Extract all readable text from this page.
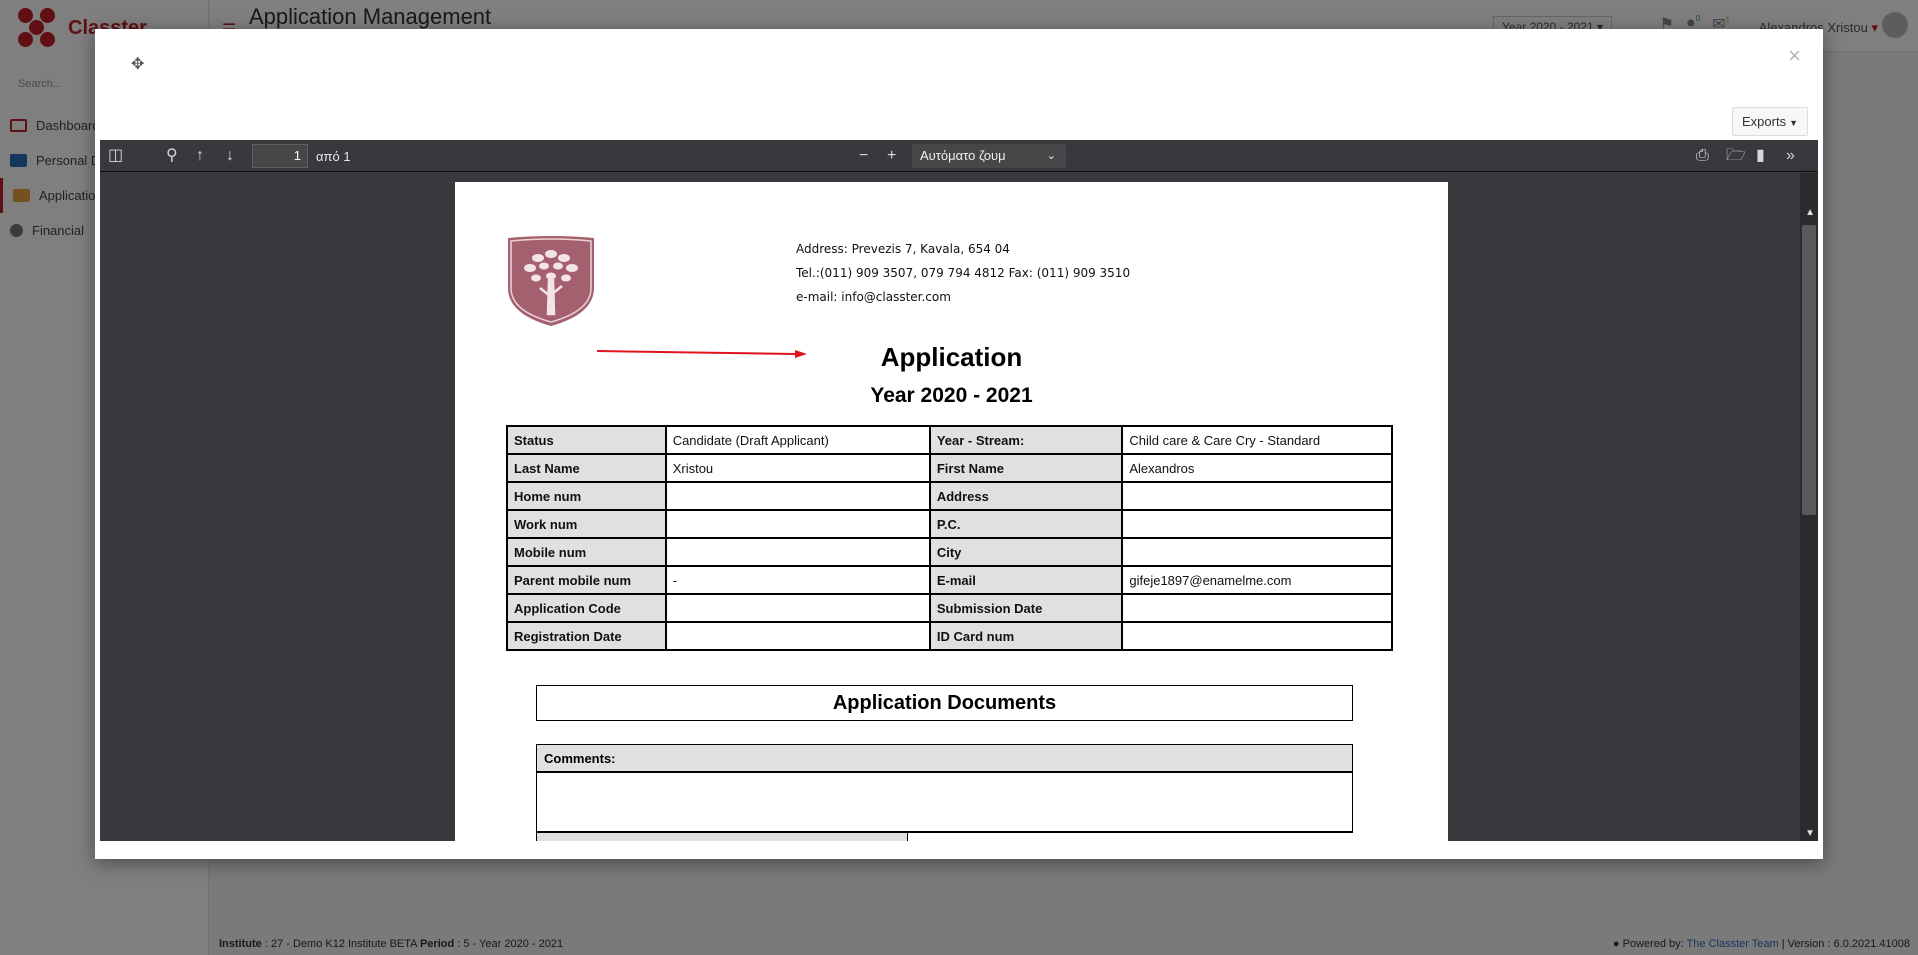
✥	×
Exports ▼
◫	⚲ ↑ ↓	1	από 1	− +	Αυτόματο ζουμ	⌄	⎙ 🗁 ▮ »
▲
▼
Address: Prevezis 7, Kavala, 654 04
Tel.:(011) 909 3507, 079 794 4812 Fax: (011) 909 3510
e-mail: info@classter.com
Application
Year 2020 - 2021
Status	Candidate (Draft Applicant)	Year - Stream:	Child care & Care Cry - Standard
Last Name	Xristou	First Name	Alexandros
Home num		Address	
Work num		P.C.	
Mobile num		City	
Parent mobile num	-	E-mail	gifeje1897@enamelme.com
Application Code		Submission Date	
Registration Date		ID Card num	
Application Documents
Comments:
